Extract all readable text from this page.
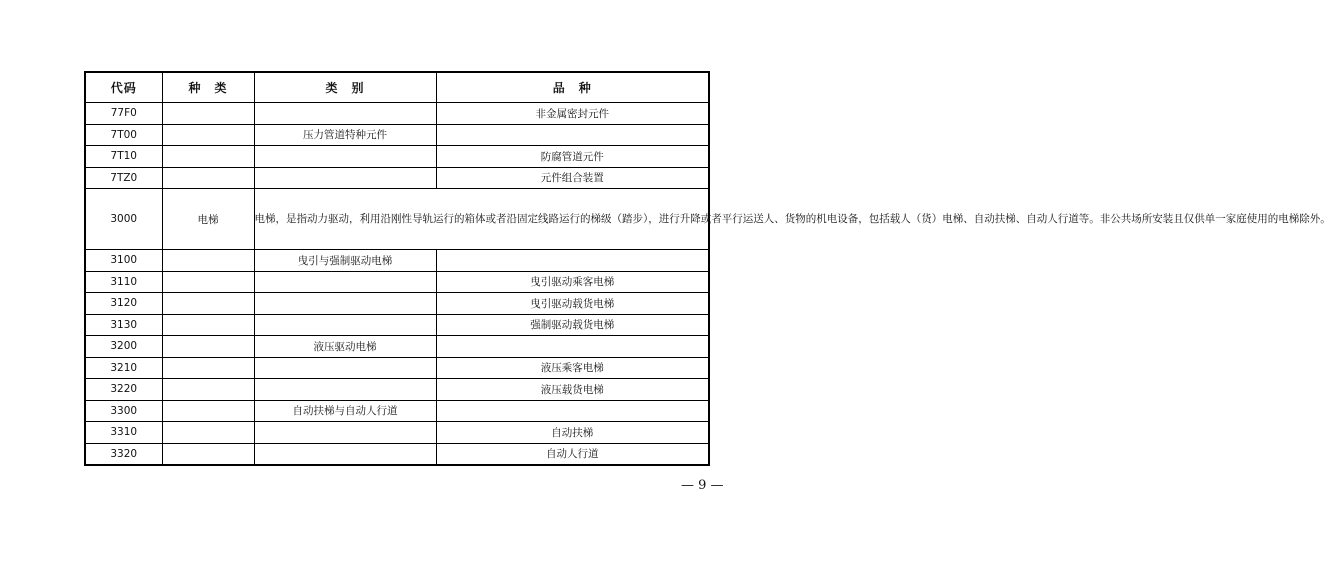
代码	种　类	类　别	品　种
77F0			非金属密封元件
7T00		压力管道特种元件	
7T10			防腐管道元件
7TZ0			元件组合装置
3000	电梯	电梯，是指动力驱动，利用沿刚性导轨运行的箱体或者沿固定线路运行的梯级（踏步），进行升降或者平行运送人、货物的机电设备，包括载人（货）电梯、自动扶梯、自动人行道等。非公共场所安装且仅供单一家庭使用的电梯除外。	
3100		曳引与强制驱动电梯	
3110			曳引驱动乘客电梯
3120			曳引驱动载货电梯
3130			强制驱动载货电梯
3200		液压驱动电梯	
3210			液压乘客电梯
3220			液压载货电梯
3300		自动扶梯与自动人行道	
3310			自动扶梯
3320			自动人行道
— 9 —
